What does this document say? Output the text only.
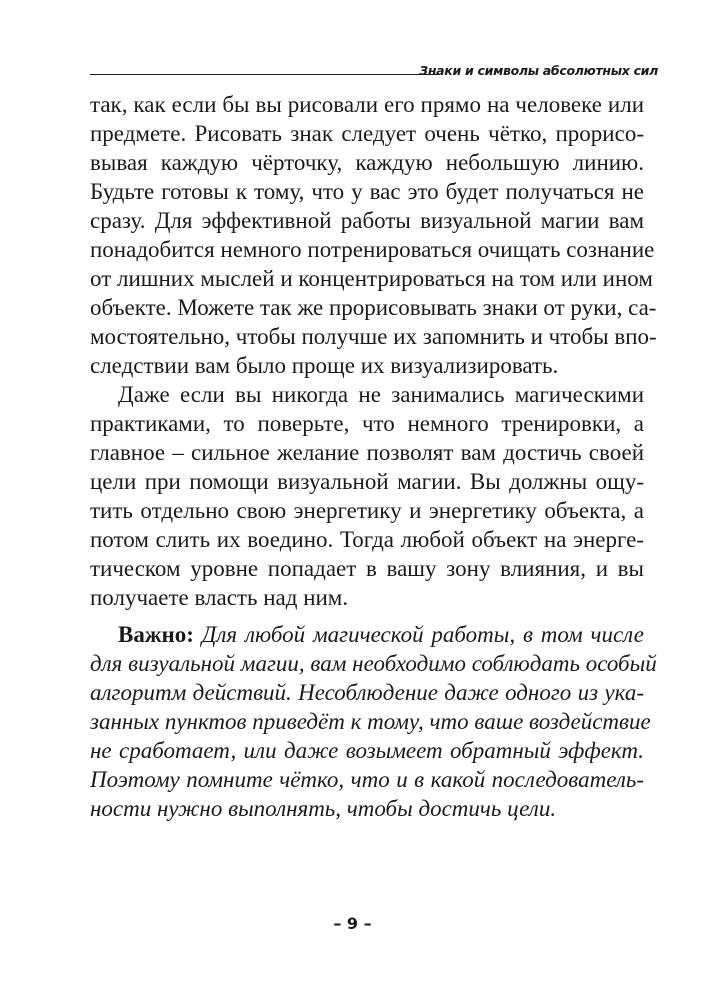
Знаки и символы абсолютных сил
так, как если бы вы рисовали его прямо на человеке или
предмете. Рисовать знак следует очень чётко, прорисо-
вывая каждую чёрточку, каждую небольшую линию.
Будьте готовы к тому, что у вас это будет получаться не
сразу. Для эффективной работы визуальной магии вам
понадобится немного потренироваться очищать сознание
от лишних мыслей и концентрироваться на том или ином
объекте. Можете так же прорисовывать знаки от руки, са-
мостоятельно, чтобы получше их запомнить и чтобы впо-
следствии вам было проще их визуализировать.
Даже если вы никогда не занимались магическими
практиками, то поверьте, что немного тренировки, а
главное – сильное желание позволят вам достичь своей
цели при помощи визуальной магии. Вы должны ощу-
тить отдельно свою энергетику и энергетику объекта, а
потом слить их воедино. Тогда любой объект на энерге-
тическом уровне попадает в вашу зону влияния, и вы
получаете власть над ним.
Важно: Для любой магической работы, в том числе
для визуальной магии, вам необходимо соблюдать особый
алгоритм действий. Несоблюдение даже одного из ука-
занных пунктов приведёт к тому, что ваше воздействие
не сработает, или даже возымеет обратный эффект.
Поэтому помните чётко, что и в какой последователь-
ности нужно выполнять, чтобы достичь цели.
– 9 –
